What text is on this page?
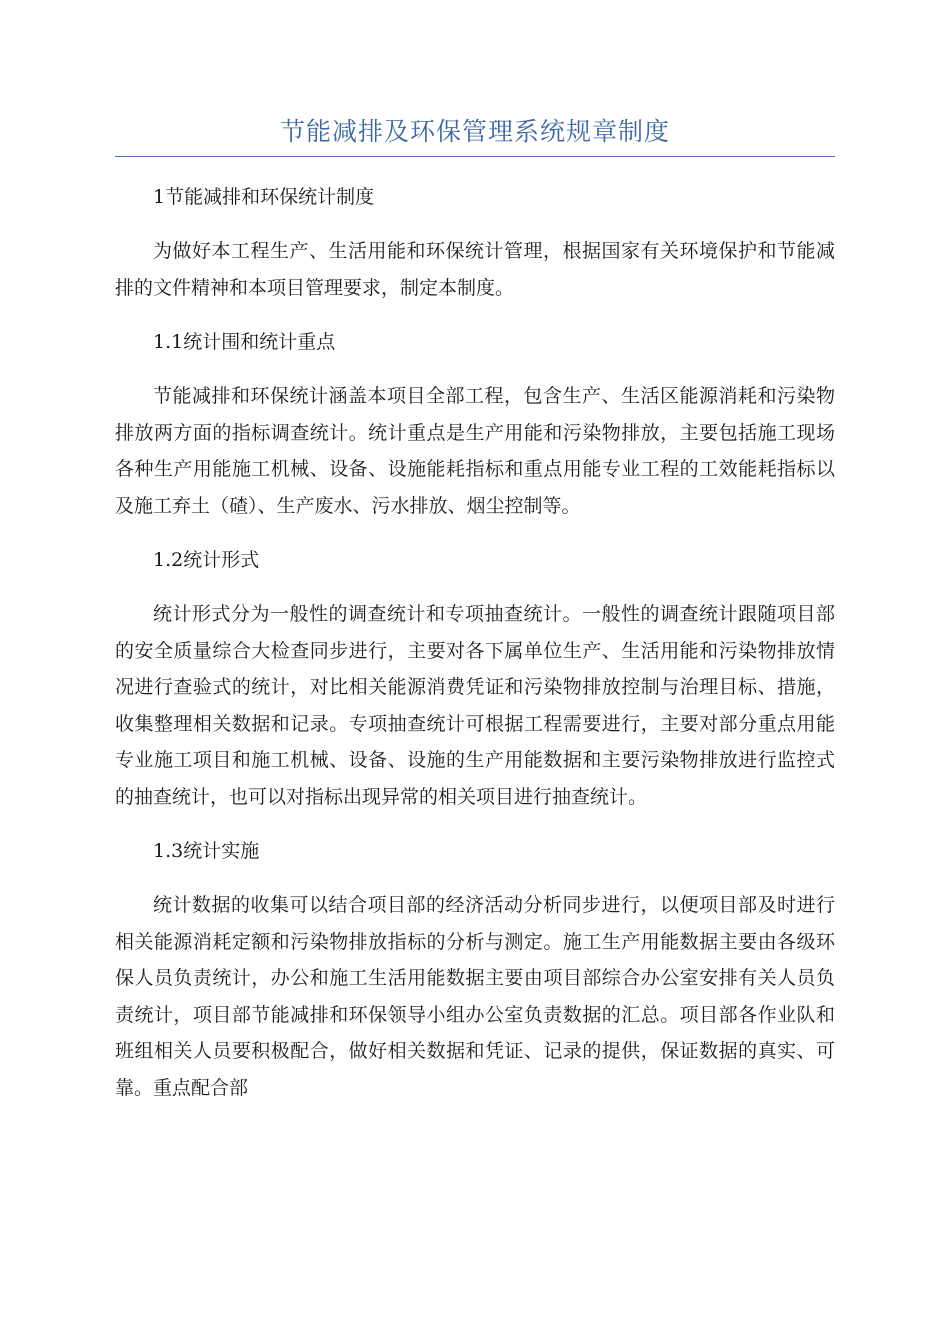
节能减排及环保管理系统规章制度

1节能减排和环保统计制度

为做好本工程生产、生活用能和环保统计管理，根据国家有关环境保护和节能减排的文件精神和本项目管理要求，制定本制度。

1.1统计围和统计重点

节能减排和环保统计涵盖本项目全部工程，包含生产、生活区能源消耗和污染物排放两方面的指标调查统计。统计重点是生产用能和污染物排放，主要包括施工现场各种生产用能施工机械、设备、设施能耗指标和重点用能专业工程的工效能耗指标以及施工弃土（碴）、生产废水、污水排放、烟尘控制等。

1.2统计形式

统计形式分为一般性的调查统计和专项抽查统计。一般性的调查统计跟随项目部的安全质量综合大检查同步进行，主要对各下属单位生产、生活用能和污染物排放情况进行查验式的统计，对比相关能源消费凭证和污染物排放控制与治理目标、措施，收集整理相关数据和记录。专项抽查统计可根据工程需要进行，主要对部分重点用能专业施工项目和施工机械、设备、设施的生产用能数据和主要污染物排放进行监控式的抽查统计，也可以对指标出现异常的相关项目进行抽查统计。

1.3统计实施

统计数据的收集可以结合项目部的经济活动分析同步进行，以便项目部及时进行相关能源消耗定额和污染物排放指标的分析与测定。施工生产用能数据主要由各级环保人员负责统计，办公和施工生活用能数据主要由项目部综合办公室安排有关人员负责统计，项目部节能减排和环保领导小组办公室负责数据的汇总。项目部各作业队和班组相关人员要积极配合，做好相关数据和凭证、记录的提供，保证数据的真实、可靠。重点配合部
